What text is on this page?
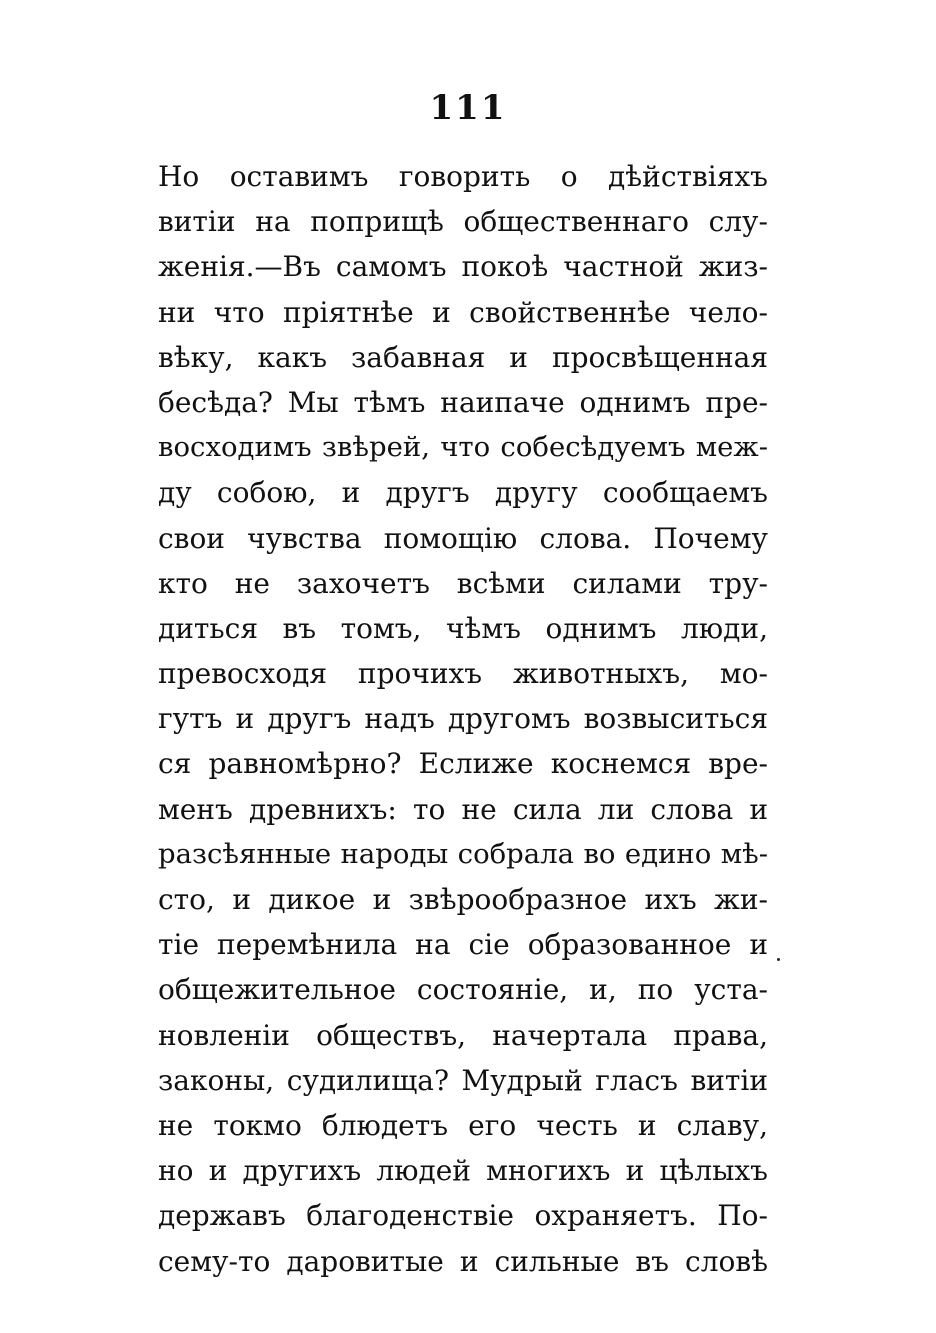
111
Но оставимъ говорить о дѣйствіяхъ
витіи на поприщѣ общественнаго слу-
женія.—Въ самомъ покоѣ частной жиз-
ни что пріятнѣе и свойственнѣе чело-
вѣку, какъ забавная и просвѣщенная
бесѣда? Мы тѣмъ наипаче однимъ пре-
восходимъ звѣрей, что собесѣдуемъ меж-
ду собою, и другъ другу сообщаемъ
свои чувства помощію слова. Почему
кто не захочетъ всѣми силами тру-
диться въ томъ, чѣмъ однимъ люди,
превосходя прочихъ животныхъ, мо-
гутъ и другъ надъ другомъ возвыситься
ся равномѣрно? Еслиже коснемся вре-
менъ древнихъ: то не сила ли слова и
разсѣянные народы собрала во едино мѣ-
сто, и дикое и звѣрообразное ихъ жи-
тіе перемѣнила на сіе образованное и
общежительное состояніе, и, по уста-
новленіи обществъ, начертала права,
законы, судилища? Мудрый гласъ витіи
не токмо блюдетъ его честь и славу,
но и другихъ людей многихъ и цѣлыхъ
державъ благоденствіе охраняетъ. По-
сему-то даровитые и сильные въ словѣ
